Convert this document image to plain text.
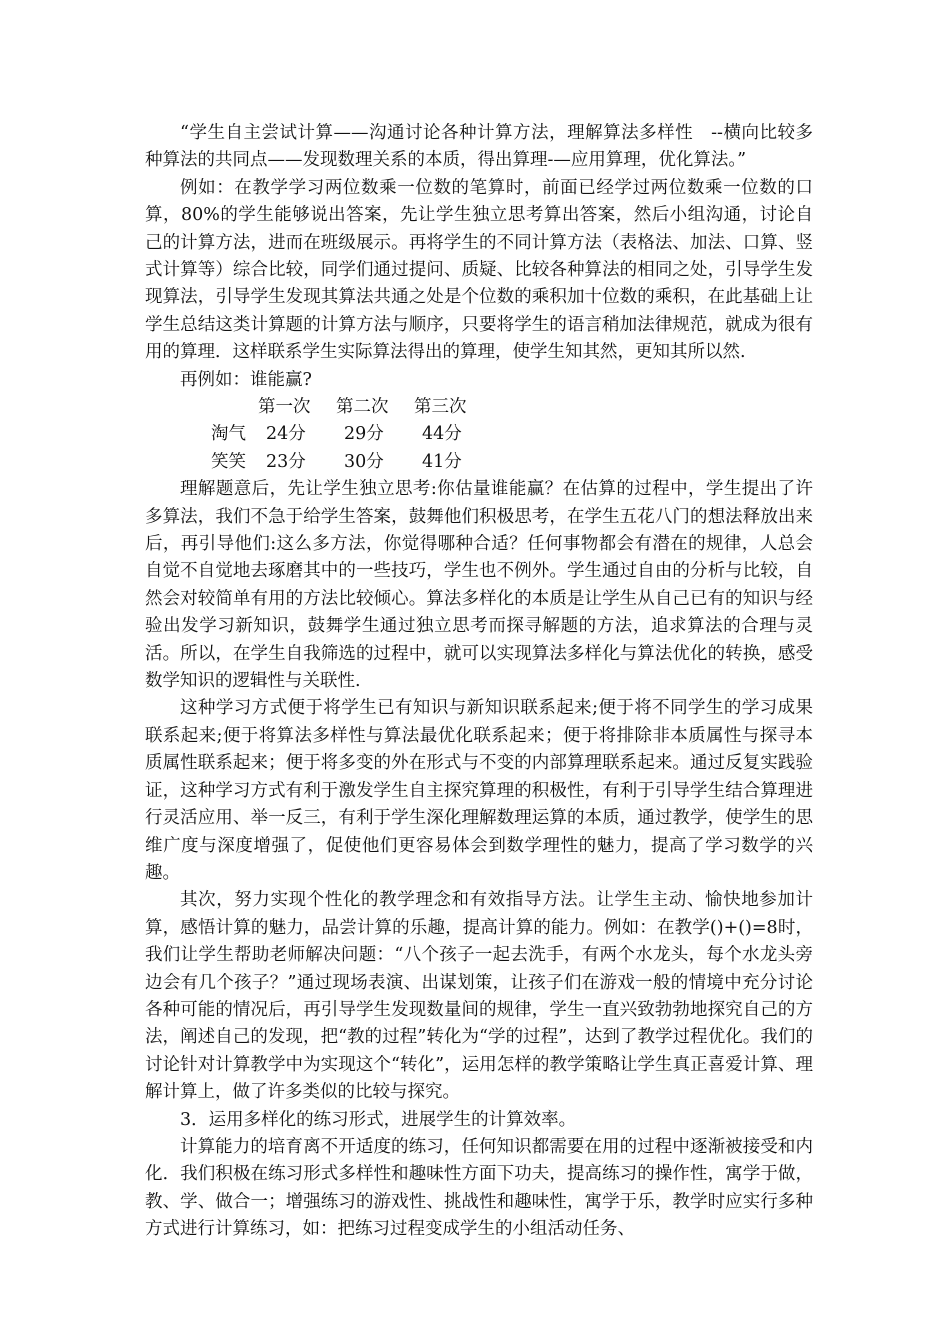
“学生自主尝试计算——沟通讨论各种计算方法，理解算法多样性　--横向比较多种算法的共同点——发现数理关系的本质，得出算理-—应用算理，优化算法。”

例如：在教学学习两位数乘一位数的笔算时，前面已经学过两位数乘一位数的口算，80%的学生能够说出答案，先让学生独立思考算出答案，然后小组沟通，讨论自己的计算方法，进而在班级展示。再将学生的不同计算方法（表格法、加法、口算、竖式计算等）综合比较，同学们通过提问、质疑、比较各种算法的相同之处，引导学生发现算法，引导学生发现其算法共通之处是个位数的乘积加十位数的乘积，在此基础上让学生总结这类计算题的计算方法与顺序，只要将学生的语言稍加法律规范，就成为很有用的算理．这样联系学生实际算法得出的算理，使学生知其然，更知其所以然.

再例如：谁能赢?

第一次 第二次 第三次
淘气 24分 29分 44分
笑笑 23分 30分 41分

理解题意后，先让学生独立思考:你估量谁能赢？在估算的过程中，学生提出了许多算法，我们不急于给学生答案，鼓舞他们积极思考，在学生五花八门的想法释放出来后，再引导他们:这么多方法，你觉得哪种合适？任何事物都会有潜在的规律，人总会自觉不自觉地去琢磨其中的一些技巧，学生也不例外。学生通过自由的分析与比较，自然会对较简单有用的方法比较倾心。算法多样化的本质是让学生从自己已有的知识与经验出发学习新知识，鼓舞学生通过独立思考而探寻解题的方法，追求算法的合理与灵活。所以，在学生自我筛选的过程中，就可以实现算法多样化与算法优化的转换，感受数学知识的逻辑性与关联性.

这种学习方式便于将学生已有知识与新知识联系起来;便于将不同学生的学习成果联系起来;便于将算法多样性与算法最优化联系起来；便于将排除非本质属性与探寻本质属性联系起来；便于将多变的外在形式与不变的内部算理联系起来。通过反复实践验证，这种学习方式有利于激发学生自主探究算理的积极性，有利于引导学生结合算理进行灵活应用、举一反三，有利于学生深化理解数理运算的本质，通过教学，使学生的思维广度与深度增强了，促使他们更容易体会到数学理性的魅力，提高了学习数学的兴趣。

其次，努力实现个性化的教学理念和有效指导方法。让学生主动、愉快地参加计算，感悟计算的魅力，品尝计算的乐趣，提高计算的能力。例如：在教学()+()=8时，我们让学生帮助老师解决问题：“八个孩子一起去洗手，有两个水龙头，每个水龙头旁边会有几个孩子？”通过现场表演、出谋划策，让孩子们在游戏一般的情境中充分讨论各种可能的情况后，再引导学生发现数量间的规律，学生一直兴致勃勃地探究自己的方法，阐述自己的发现，把“教的过程”转化为“学的过程”，达到了教学过程优化。我们的讨论针对计算教学中为实现这个“转化”，运用怎样的教学策略让学生真正喜爱计算、理解计算上，做了许多类似的比较与探究。

3．运用多样化的练习形式，进展学生的计算效率。

计算能力的培育离不开适度的练习，任何知识都需要在用的过程中逐渐被接受和内化．我们积极在练习形式多样性和趣味性方面下功夫，提高练习的操作性，寓学于做，教、学、做合一；增强练习的游戏性、挑战性和趣味性，寓学于乐，教学时应实行多种方式进行计算练习，如：把练习过程变成学生的小组活动任务、
